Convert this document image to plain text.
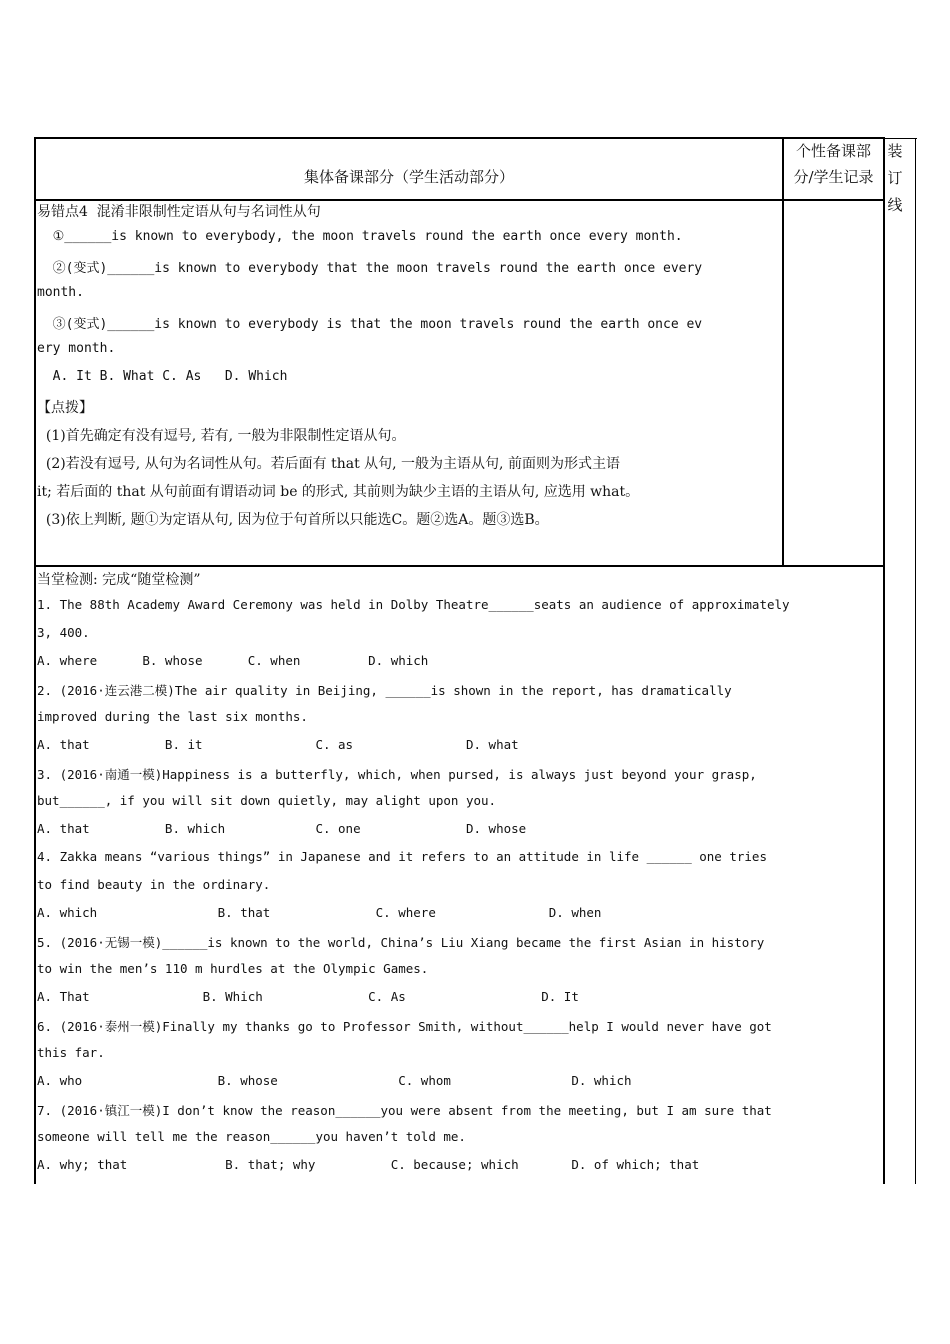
集体备课部分（学生活动部分）
个性备课部
分/学生记录
装
订
线
易错点4  混淆非限制性定语从句与名词性从句
①______is known to everybody, the moon travels round the earth once every month.
②(变式)______is known to everybody that the moon travels round the earth once every
month.
③(变式)______is known to everybody is that the moon travels round the earth once ev
ery month.
A. It B. What C. As   D. Which
【点拨】
(1)首先确定有没有逗号, 若有, 一般为非限制性定语从句。
(2)若没有逗号, 从句为名词性从句。若后面有 that 从句, 一般为主语从句, 前面则为形式主语
it; 若后面的 that 从句前面有谓语动词 be 的形式, 其前则为缺少主语的主语从句, 应选用 what。
(3)依上判断, 题①为定语从句, 因为位于句首所以只能选C。题②选A。题③选B。
当堂检测: 完成“随堂检测”
1. The 88th Academy Award Ceremony was held in Dolby Theatre______seats an audience of approximately
3, 400.
A. where      B. whose      C. when         D. which
2. (2016·连云港二模)The air quality in Beijing, ______is shown in the report, has dramatically
improved during the last six months.
A. that          B. it               C. as               D. what
3. (2016·南通一模)Happiness is a butterfly, which, when pursed, is always just beyond your grasp,
but______, if you will sit down quietly, may alight upon you.
A. that          B. which            C. one              D. whose
4. Zakka means “various things” in Japanese and it refers to an attitude in life ______ one tries
to find beauty in the ordinary.
A. which                B. that              C. where               D. when
5. (2016·无锡一模)______is known to the world, China’s Liu Xiang became the first Asian in history
to win the men’s 110 m hurdles at the Olympic Games.
A. That               B. Which              C. As                  D. It
6. (2016·泰州一模)Finally my thanks go to Professor Smith, without______help I would never have got
this far.
A. who                  B. whose                C. whom                D. which
7. (2016·镇江一模)I don’t know the reason______you were absent from the meeting, but I am sure that
someone will tell me the reason______you haven’t told me.
A. why; that             B. that; why          C. because; which       D. of which; that
